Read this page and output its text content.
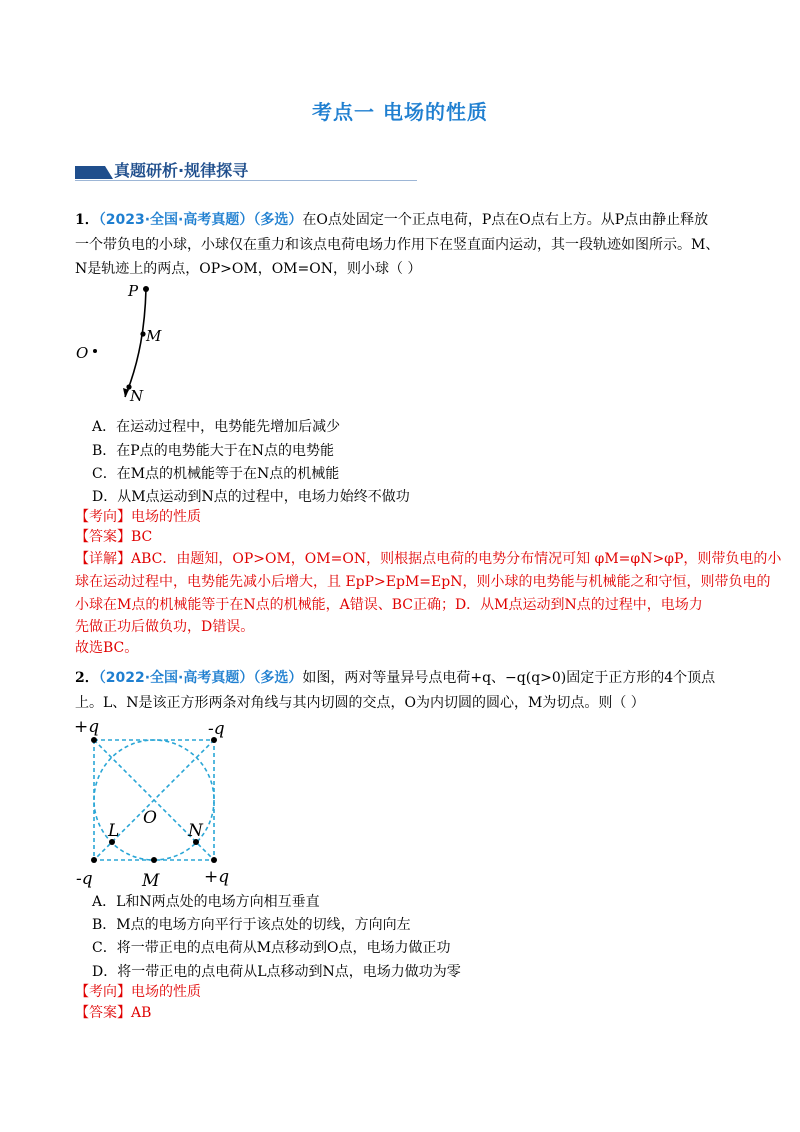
考点一 电场的性质
真题研析·规律探寻
1．（2023·全国·高考真题）（多选）在O点处固定一个正点电荷，P点在O点右上方。从P点由静止释放
一个带负电的小球，小球仅在重力和该点电荷电场力作用下在竖直面内运动，其一段轨迹如图所示。M、
N是轨迹上的两点，OP>OM，OM=ON，则小球（ ）
P
M
O
N
A．在运动过程中，电势能先增加后减少
B．在P点的电势能大于在N点的电势能
C．在M点的机械能等于在N点的机械能
D．从M点运动到N点的过程中，电场力始终不做功
【考向】电场的性质
【答案】BC
【详解】ABC．由题知，OP>OM，OM=ON，则根据点电荷的电势分布情况可知 φM=φN>φP，则带负电的小
球在运动过程中，电势能先减小后增大，且 EpP>EpM=EpN，则小球的电势能与机械能之和守恒，则带负电的
小球在M点的机械能等于在N点的机械能，A错误、BC正确；D．从M点运动到N点的过程中，电场力
先做正功后做负功，D错误。
故选BC。
2．（2022·全国·高考真题）（多选）如图，两对等量异号点电荷+q、−q(q>0)固定于正方形的4个顶点
上。L、N是该正方形两条对角线与其内切圆的交点，O为内切圆的圆心，M为切点。则（ ）
+q	-q
-q	+q
L
O
N
M
A．L和N两点处的电场方向相互垂直
B．M点的电场方向平行于该点处的切线，方向向左
C．将一带正电的点电荷从M点移动到O点，电场力做正功
D．将一带正电的点电荷从L点移动到N点，电场力做功为零
【考向】电场的性质
【答案】AB
